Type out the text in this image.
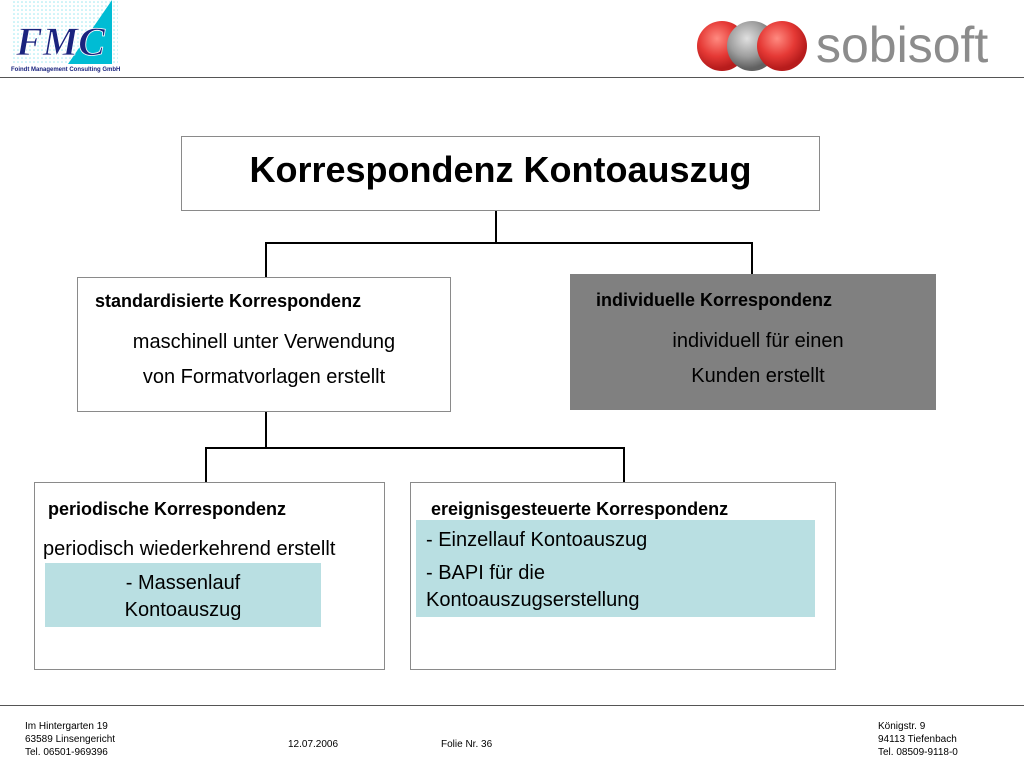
FMC
Foindt Management Consulting GmbH	sobisoft
Korrespondenz Kontoauszug
standardisierte Korrespondenz
maschinell unter Verwendung
von Formatvorlagen erstellt
individuelle Korrespondenz
individuell für einen
Kunden erstellt
periodische Korrespondenz
periodisch wiederkehrend erstellt
- Massenlauf
Kontoauszug
ereignisgesteuerte Korrespondenz
- Einzellauf Kontoauszug
- BAPI für die
Kontoauszugserstellung
Im Hintergarten 19
63589 Linsengericht
Tel. 06501-969396
12.07.2006	Folie Nr. 36
Königstr. 9
94113 Tiefenbach
Tel. 08509-9118-0
